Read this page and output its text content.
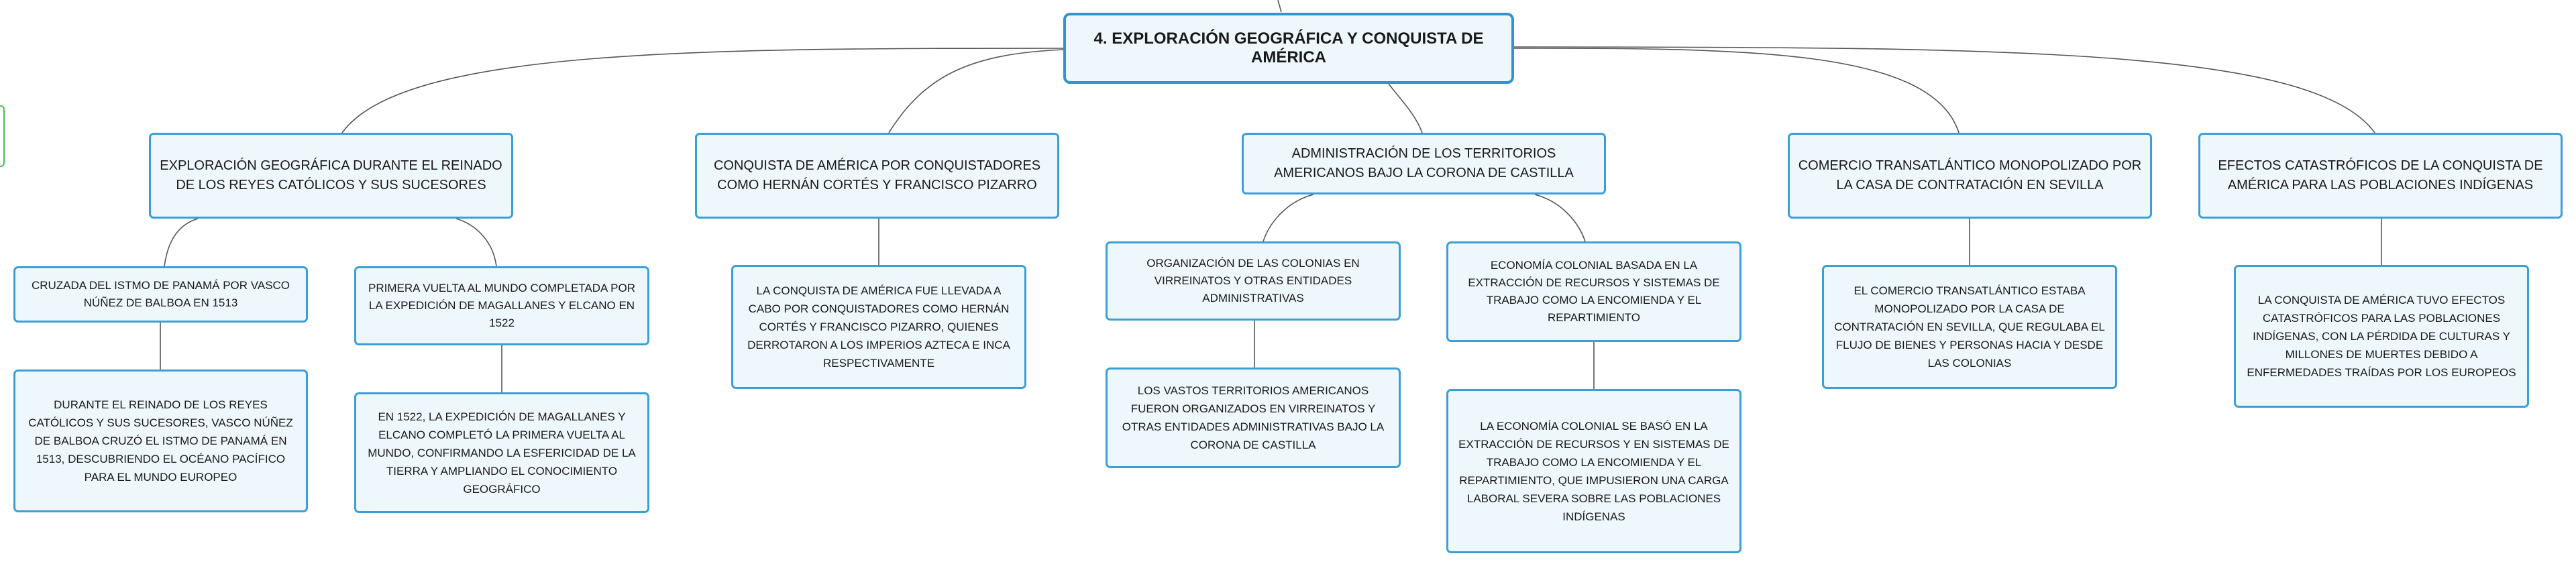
4. EXPLORACIÓN GEOGRÁFICA Y CONQUISTA DE AMÉRICA
EXPLORACIÓN GEOGRÁFICA DURANTE EL REINADO DE LOS REYES CATÓLICOS Y SUS SUCESORES
CRUZADA DEL ISTMO DE PANAMÁ POR VASCO NÚÑEZ DE BALBOA EN 1513
DURANTE EL REINADO DE LOS REYES CATÓLICOS Y SUS SUCESORES, VASCO NÚÑEZ DE BALBOA CRUZÓ EL ISTMO DE PANAMÁ EN 1513, DESCUBRIENDO EL OCÉANO PACÍFICO PARA EL MUNDO EUROPEO
PRIMERA VUELTA AL MUNDO COMPLETADA POR LA EXPEDICIÓN DE MAGALLANES Y ELCANO EN 1522
EN 1522, LA EXPEDICIÓN DE MAGALLANES Y ELCANO COMPLETÓ LA PRIMERA VUELTA AL MUNDO, CONFIRMANDO LA ESFERICIDAD DE LA TIERRA Y AMPLIANDO EL CONOCIMIENTO GEOGRÁFICO
CONQUISTA DE AMÉRICA POR CONQUISTADORES COMO HERNÁN CORTÉS Y FRANCISCO PIZARRO
LA CONQUISTA DE AMÉRICA FUE LLEVADA A CABO POR CONQUISTADORES COMO HERNÁN CORTÉS Y FRANCISCO PIZARRO, QUIENES DERROTARON A LOS IMPERIOS AZTECA E INCA RESPECTIVAMENTE
ADMINISTRACIÓN DE LOS TERRITORIOS AMERICANOS BAJO LA CORONA DE CASTILLA
ORGANIZACIÓN DE LAS COLONIAS EN VIRREINATOS Y OTRAS ENTIDADES ADMINISTRATIVAS
LOS VASTOS TERRITORIOS AMERICANOS FUERON ORGANIZADOS EN VIRREINATOS Y OTRAS ENTIDADES ADMINISTRATIVAS BAJO LA CORONA DE CASTILLA
ECONOMÍA COLONIAL BASADA EN LA EXTRACCIÓN DE RECURSOS Y SISTEMAS DE TRABAJO COMO LA ENCOMIENDA Y EL REPARTIMIENTO
LA ECONOMÍA COLONIAL SE BASÓ EN LA EXTRACCIÓN DE RECURSOS Y EN SISTEMAS DE TRABAJO COMO LA ENCOMIENDA Y EL REPARTIMIENTO, QUE IMPUSIERON UNA CARGA LABORAL SEVERA SOBRE LAS POBLACIONES INDÍGENAS
COMERCIO TRANSATLÁNTICO MONOPOLIZADO POR LA CASA DE CONTRATACIÓN EN SEVILLA
EL COMERCIO TRANSATLÁNTICO ESTABA MONOPOLIZADO POR LA CASA DE CONTRATACIÓN EN SEVILLA, QUE REGULABA EL FLUJO DE BIENES Y PERSONAS HACIA Y DESDE LAS COLONIAS
EFECTOS CATASTRÓFICOS DE LA CONQUISTA DE AMÉRICA PARA LAS POBLACIONES INDÍGENAS
LA CONQUISTA DE AMÉRICA TUVO EFECTOS CATASTRÓFICOS PARA LAS POBLACIONES INDÍGENAS, CON LA PÉRDIDA DE CULTURAS Y MILLONES DE MUERTES DEBIDO A ENFERMEDADES TRAÍDAS POR LOS EUROPEOS
